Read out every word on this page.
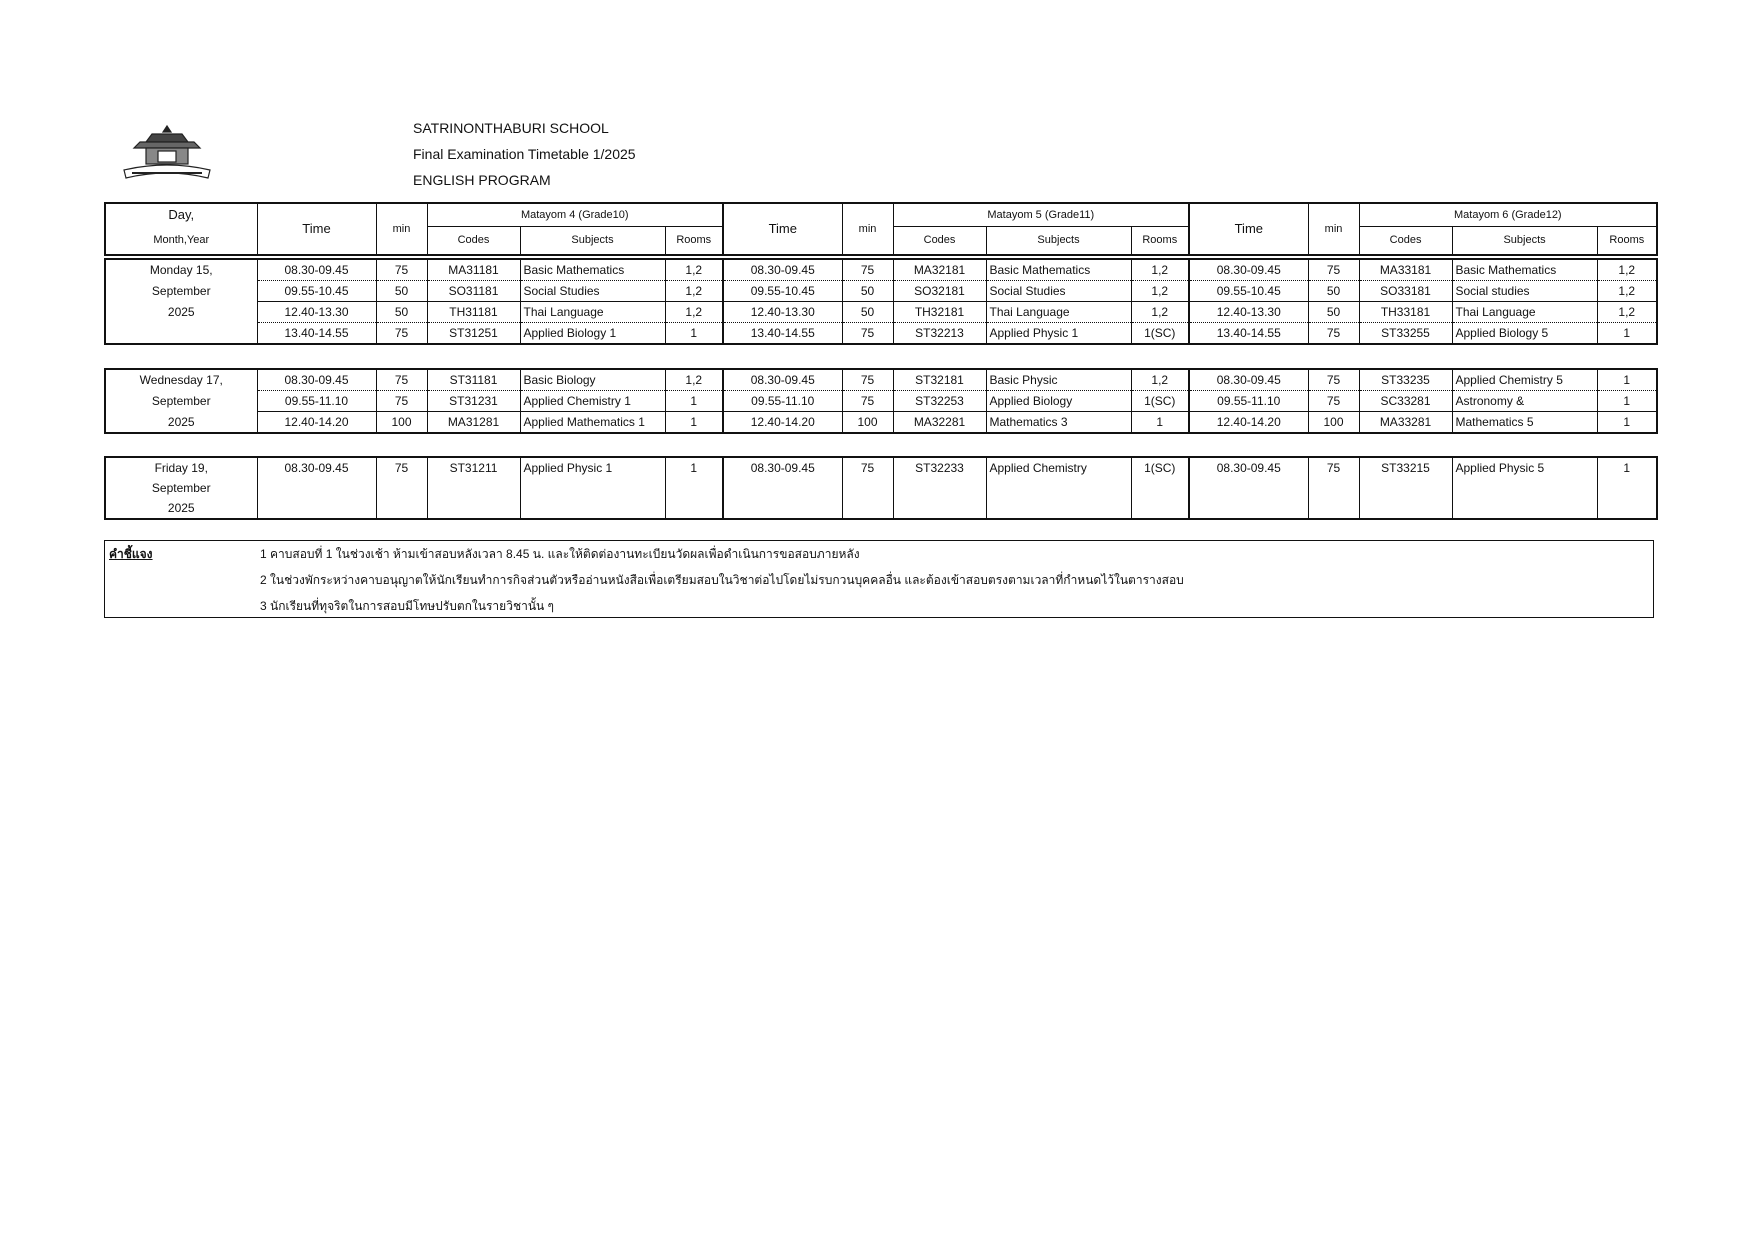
SATRINONTHABURI SCHOOL
Final Examination Timetable 1/2025
ENGLISH PROGRAM
Day,	Time	min	Matayom 4 (Grade10)			Time	min	Matayom 5 (Grade11)			Time	min	Matayom 6 (Grade12)		
Month,Year			Codes	Subjects	Rooms			Codes	Subjects	Rooms			Codes	Subjects	Rooms
Monday 15,	08.30-09.45	75	MA31181	Basic Mathematics	1,2	08.30-09.45	75	MA32181	Basic Mathematics	1,2	08.30-09.45	75	MA33181	Basic Mathematics	1,2
September	09.55-10.45	50	SO31181	Social Studies	1,2	09.55-10.45	50	SO32181	Social Studies	1,2	09.55-10.45	50	SO33181	Social studies	1,2
2025	12.40-13.30	50	TH31181	Thai Language	1,2	12.40-13.30	50	TH32181	Thai Language	1,2	12.40-13.30	50	TH33181	Thai Language	1,2
	13.40-14.55	75	ST31251	Applied Biology 1	1	13.40-14.55	75	ST32213	Applied Physic 1	1(SC)	13.40-14.55	75	ST33255	Applied Biology 5	1
Wednesday 17,	08.30-09.45	75	ST31181	Basic Biology	1,2	08.30-09.45	75	ST32181	Basic Physic	1,2	08.30-09.45	75	ST33235	Applied Chemistry 5	1
September	09.55-11.10	75	ST31231	Applied Chemistry 1	1	09.55-11.10	75	ST32253	Applied Biology	1(SC)	09.55-11.10	75	SC33281	Astronomy &	1
2025	12.40-14.20	100	MA31281	Applied Mathematics 1	1	12.40-14.20	100	MA32281	Mathematics 3	1	12.40-14.20	100	MA33281	Mathematics 5	1
Friday 19,	08.30-09.45	75	ST31211	Applied Physic 1	1	08.30-09.45	75	ST32233	Applied Chemistry	1(SC)	08.30-09.45	75	ST33215	Applied Physic 5	1
September															
2025															
คำชี้แจง	1 คาบสอบที่ 1 ในช่วงเช้า ห้ามเข้าสอบหลังเวลา 8.45 น. และให้ติดต่องานทะเบียนวัดผลเพื่อดำเนินการขอสอบภายหลัง
2 ในช่วงพักระหว่างคาบอนุญาตให้นักเรียนทำการกิจส่วนตัวหรืออ่านหนังสือเพื่อเตรียมสอบในวิชาต่อไปโดยไม่รบกวนบุคคลอื่น และต้องเข้าสอบตรงตามเวลาที่กำหนดไว้ในตารางสอบ
3 นักเรียนที่ทุจริตในการสอบมีโทษปรับตกในรายวิชานั้น ๆ
